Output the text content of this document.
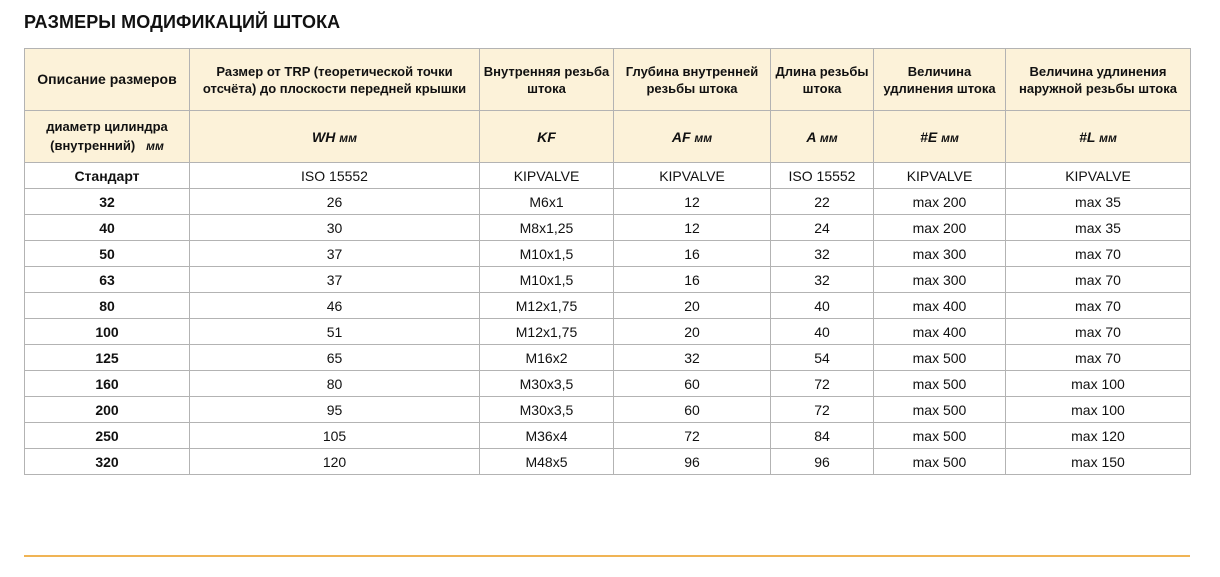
РАЗМЕРЫ МОДИФИКАЦИЙ ШТОКА
Описание размеров	Размер от TRP (теоретической точки отсчёта) до плоскости передней крышки	Внутренняя резьба штока	Глубина внутренней резьбы штока	Длина резьбы штока	Величина удлинения штока	Величина удлинения наружной резьбы штока
диаметр цилиндра (внутренний) мм	WH мм	KF	AF мм	A мм	#E мм	#L мм
Стандарт	ISO 15552	KIPVALVE	KIPVALVE	ISO 15552	KIPVALVE	KIPVALVE
32	26	M6x1	12	22	max 200	max 35
40	30	M8x1,25	12	24	max 200	max 35
50	37	M10x1,5	16	32	max 300	max 70
63	37	M10x1,5	16	32	max 300	max 70
80	46	M12x1,75	20	40	max 400	max 70
100	51	M12x1,75	20	40	max 400	max 70
125	65	M16x2	32	54	max 500	max 70
160	80	M30x3,5	60	72	max 500	max 100
200	95	M30x3,5	60	72	max 500	max 100
250	105	M36x4	72	84	max 500	max 120
320	120	M48x5	96	96	max 500	max 150
